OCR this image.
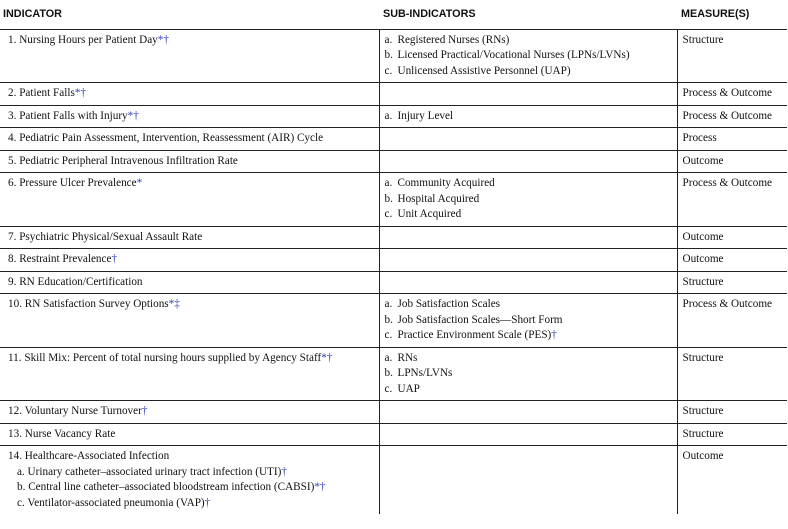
INDICATOR	SUB-INDICATORS	MEASURE(S)

1. Nursing Hours per Patient Day*†	a. Registered Nurses (RNs)
b. Licensed Practical/Vocational Nurses (LPNs/LVNs)
c. Unlicensed Assistive Personnel (UAP)	Structure

2. Patient Falls*†		Process & Outcome

3. Patient Falls with Injury*†	a. Injury Level	Process & Outcome

4. Pediatric Pain Assessment, Intervention, Reassessment (AIR) Cycle		Process

5. Pediatric Peripheral Intravenous Infiltration Rate		Outcome

6. Pressure Ulcer Prevalence*	a. Community Acquired
b. Hospital Acquired
c. Unit Acquired	Process & Outcome

7. Psychiatric Physical/Sexual Assault Rate		Outcome

8. Restraint Prevalence†		Outcome

9. RN Education/Certification		Structure

10. RN Satisfaction Survey Options*‡	a. Job Satisfaction Scales
b. Job Satisfaction Scales—Short Form
c. Practice Environment Scale (PES)†	Process & Outcome

11. Skill Mix: Percent of total nursing hours supplied by Agency Staff*†	a. RNs
b. LPNs/LVNs
c. UAP	Structure

12. Voluntary Nurse Turnover†		Structure

13. Nurse Vacancy Rate		Structure

14. Healthcare-Associated Infection
a. Urinary catheter–associated urinary tract infection (UTI)†
b. Central line catheter–associated bloodstream infection (CABSI)*†
c. Ventilator-associated pneumonia (VAP)†		Outcome
